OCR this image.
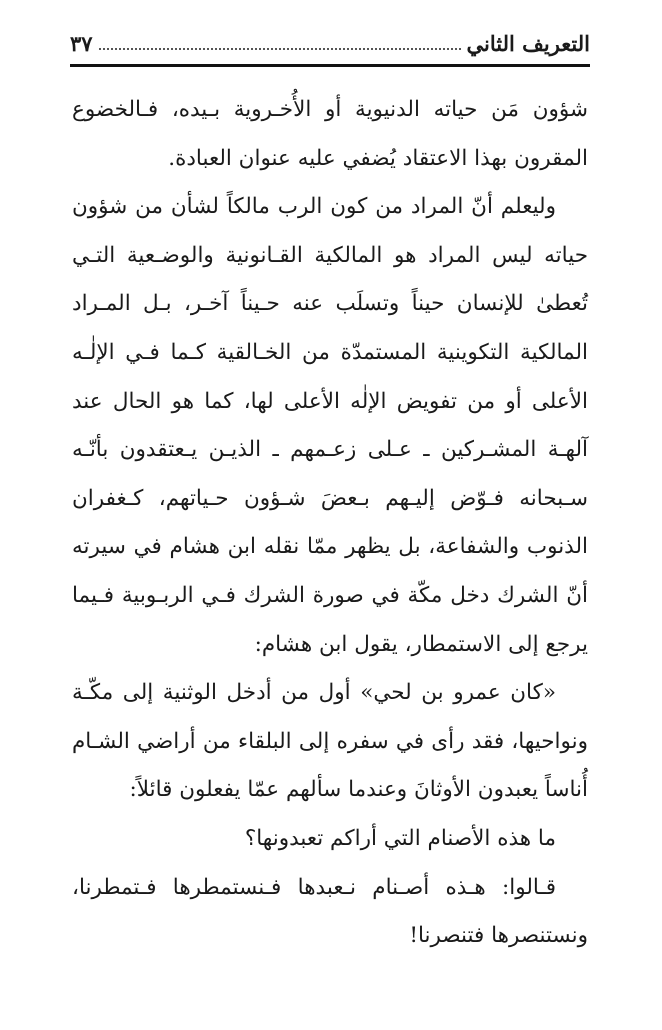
التعريف الثاني
٣٧
شؤون مَن حياته الدنيوية أو الأُخـروية بـيده، فـالخضوع
المقرون بهذا الاعتقاد يُضفي عليه عنوان العبادة.
وليعلم أنّ المراد من كون الرب مالكاً لشأن من شؤون
حياته ليس المراد هو المالكية القـانونية والوضـعية التـي
تُعطىٰ للإنسان حيناً وتسلَب عنه حـيناً آخـر، بـل المـراد
المالكية التكوينية المستمدّة من الخـالقية كـما فـي الإلٰـه
الأعلى أو من تفويض الإلٰه الأعلى لها، كما هو الحال عند
آلهـة المشـركين ـ عـلى زعـمهم ـ الذيـن يـعتقدون بأنّـه
سـبحانه فـوّض إليـهم بـعضَ شـؤون حـياتهم، كـغفران
الذنوب والشفاعة، بل يظهر ممّا نقله ابن هشام في سيرته
أنّ الشرك دخل مكّة في صورة الشرك فـي الربـوبية فـيما
يرجع إلى الاستمطار، يقول ابن هشام:
«كان عمرو بن لحي» أول من أدخل الوثنية إلى مكّـة
ونواحيها، فقد رأى في سفره إلى البلقاء من أراضي الشـام
أُناساً يعبدون الأوثانَ وعندما سألهم عمّا يفعلون قائلاً:
ما هذه الأصنام التي أراكم تعبدونها؟
قـالوا: هـذه أصـنام نـعبدها فـنستمطرها فـتمطرنا،
ونستنصرها فتنصرنا!
